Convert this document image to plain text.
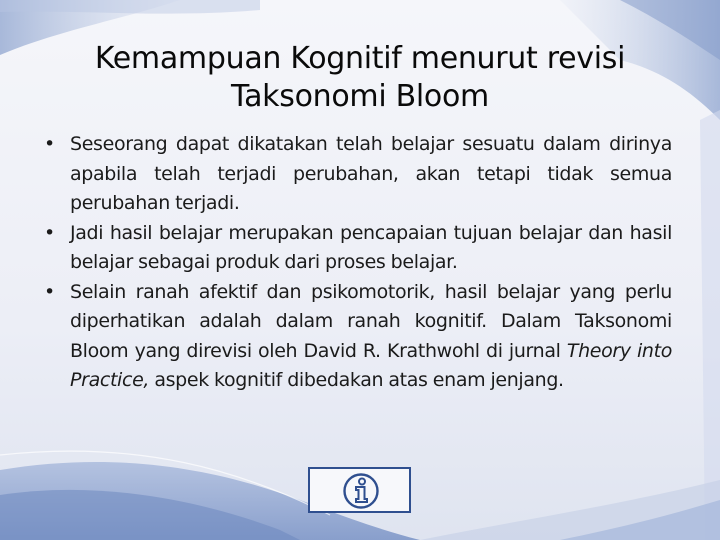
Kemampuan Kognitif menurut revisi Taksonomi Bloom
• Seseorang dapat dikatakan telah belajar sesuatu dalam dirinya apabila telah terjadi perubahan, akan tetapi tidak semua perubahan terjadi.
• Jadi hasil belajar merupakan pencapaian tujuan belajar dan hasil belajar sebagai produk dari proses belajar.
• Selain ranah afektif dan psikomotorik, hasil belajar yang perlu diperhatikan adalah dalam ranah kognitif. Dalam Taksonomi Bloom yang direvisi oleh David R. Krathwohl di jurnal Theory into Practice, aspek kognitif dibedakan atas enam jenjang.
